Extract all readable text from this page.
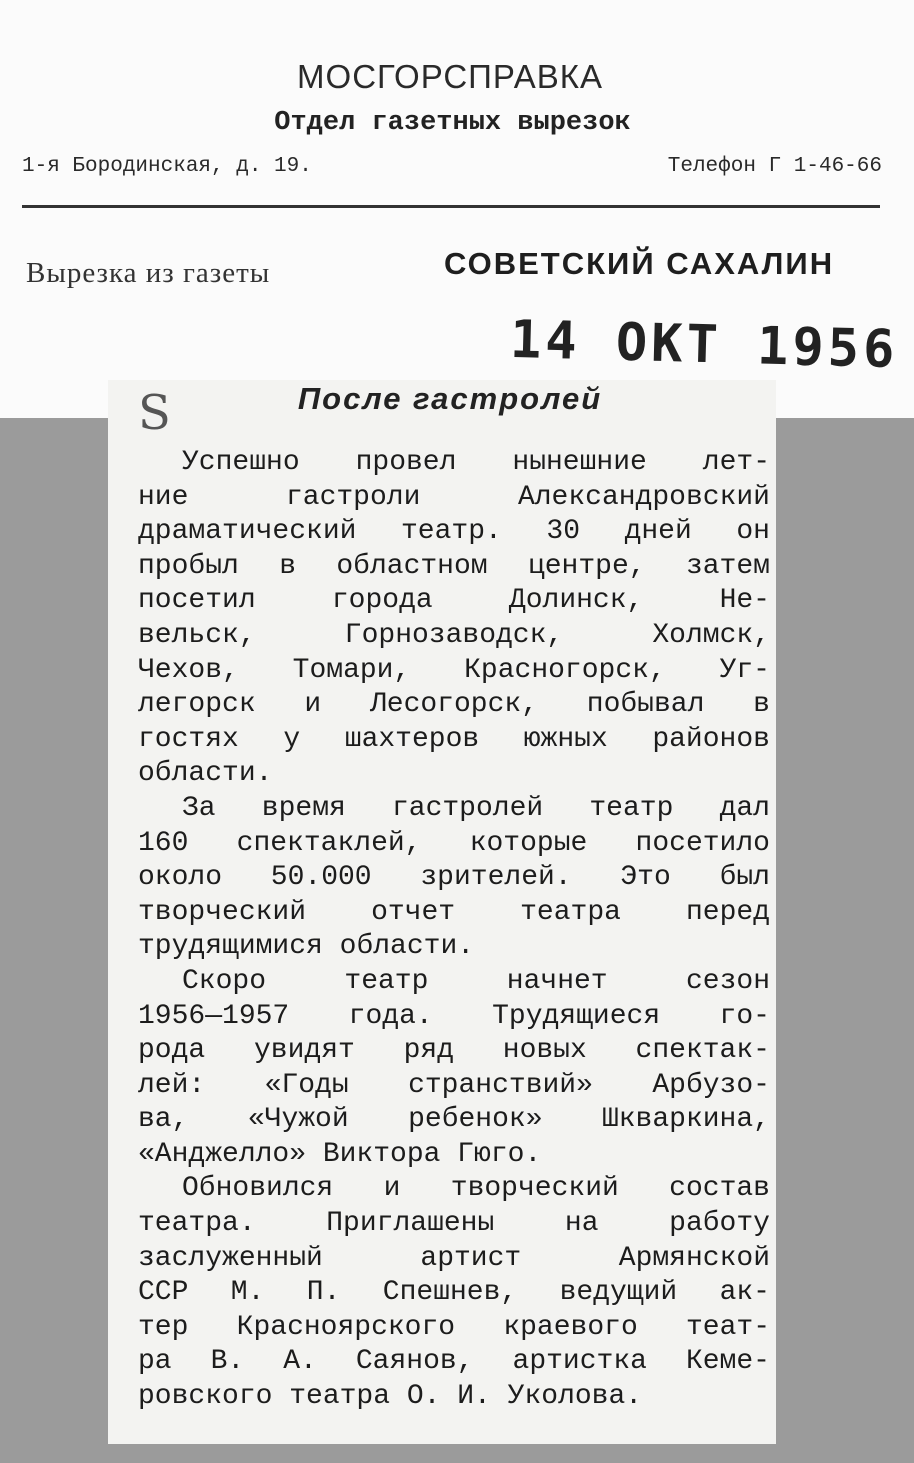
МОСГОРСПРАВКА
Отдел газетных вырезок
1-я Бородинская, д. 19.	Телефон Г 1-46-66
Вырезка из газеты	СОВЕТСКИЙ САХАЛИН
14 ОКТ 1956
S	После гастролей
Успешно провел нынешние лет-
ние	гастроли	Александровский
драматический театр. 30 дней он
пробыл в областном центре, затем
посетил	города	Долинск,	Не-
вельск,	Горнозаводск,	Холмск,
Чехов, Томари, Красногорск, Уг-
легорск и Лесогорск, побывал в
гостях у шахтеров южных районов
области.
За время гастролей театр дал
160 спектаклей, которые посетило
около 50.000 зрителей. Это был
творческий отчет театра перед
трудящимися области.
Скоро	театр	начнет	сезон
1956—1957 года. Трудящиеся го-
рода увидят ряд новых спектак-
лей: «Годы странствий» Арбузо-
ва, «Чужой ребенок» Шкваркина,
«Анджелло» Виктора Гюго.
Обновился и творческий состав
театра.	Приглашены	на	работу
заслуженный	артист	Армянской
ССР М. П. Спешнев, ведущий ак-
тер Красноярского краевого теат-
ра В. А. Саянов, артистка Кеме-
ровского театра О. И. Уколова.
